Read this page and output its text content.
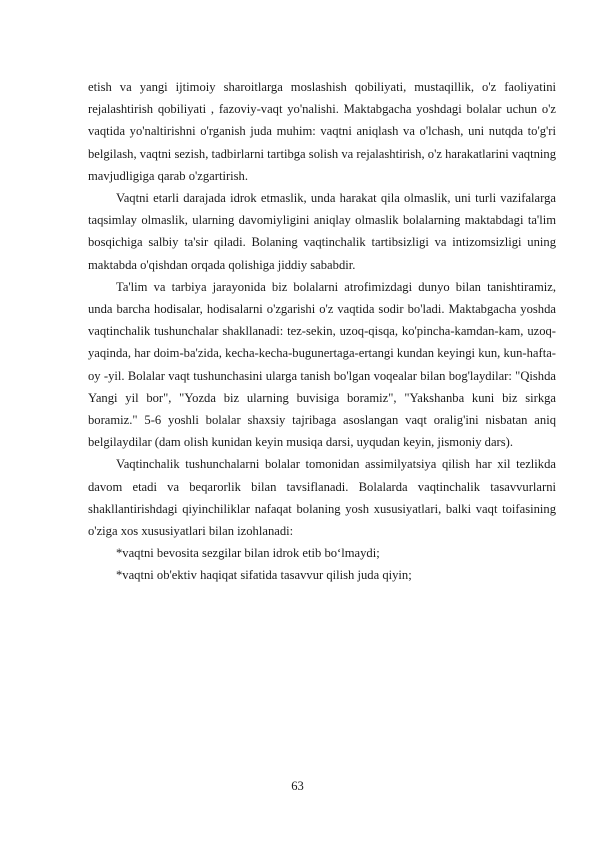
etish va yangi ijtimoiy sharoitlarga moslashish qobiliyati, mustaqillik, o'z faoliyatini rejalashtirish qobiliyati , fazoviy-vaqt yo'nalishi. Maktabgacha yoshdagi bolalar uchun o'z vaqtida yo'naltirishni o'rganish juda muhim: vaqtni aniqlash va o'lchash, uni nutqda to'g'ri belgilash, vaqtni sezish, tadbirlarni tartibga solish va rejalashtirish, o'z harakatlarini vaqtning mavjudligiga qarab o'zgartirish.

Vaqtni etarli darajada idrok etmaslik, unda harakat qila olmaslik, uni turli vazifalarga taqsimlay olmaslik, ularning davomiyligini aniqlay olmaslik bolalarning maktabdagi ta'lim bosqichiga salbiy ta'sir qiladi. Bolaning vaqtinchalik tartibsizligi va intizomsizligi uning maktabda o'qishdan orqada qolishiga jiddiy sababdir.

Ta'lim va tarbiya jarayonida biz bolalarni atrofimizdagi dunyo bilan tanishtiramiz, unda barcha hodisalar, hodisalarni o'zgarishi o'z vaqtida sodir bo'ladi. Maktabgacha yoshda vaqtinchalik tushunchalar shakllanadi: tez-sekin, uzoq-qisqa, ko'pincha-kamdan-kam, uzoq-yaqinda, har doim-ba'zida, kecha-kecha-bugunertaga-ertangi kundan keyingi kun, kun-hafta-oy -yil. Bolalar vaqt tushunchasini ularga tanish bo'lgan voqealar bilan bog'laydilar: "Qishda Yangi yil bor", "Yozda biz ularning buvisiga boramiz", "Yakshanba kuni biz sirkga boramiz." 5-6 yoshli bolalar shaxsiy tajribaga asoslangan vaqt oralig'ini nisbatan aniq belgilaydilar (dam olish kunidan keyin musiqa darsi, uyqudan keyin, jismoniy dars).

Vaqtinchalik tushunchalarni bolalar tomonidan assimilyatsiya qilish har xil tezlikda davom etadi va beqarorlik bilan tavsiflanadi. Bolalarda vaqtinchalik tasavvurlarni shakllantirishdagi qiyinchiliklar nafaqat bolaning yosh xususiyatlari, balki vaqt toifasining o'ziga xos xususiyatlari bilan izohlanadi:

*vaqtni bevosita sezgilar bilan idrok etib bo‘lmaydi;

*vaqtni ob'ektiv haqiqat sifatida tasavvur qilish juda qiyin;

63
